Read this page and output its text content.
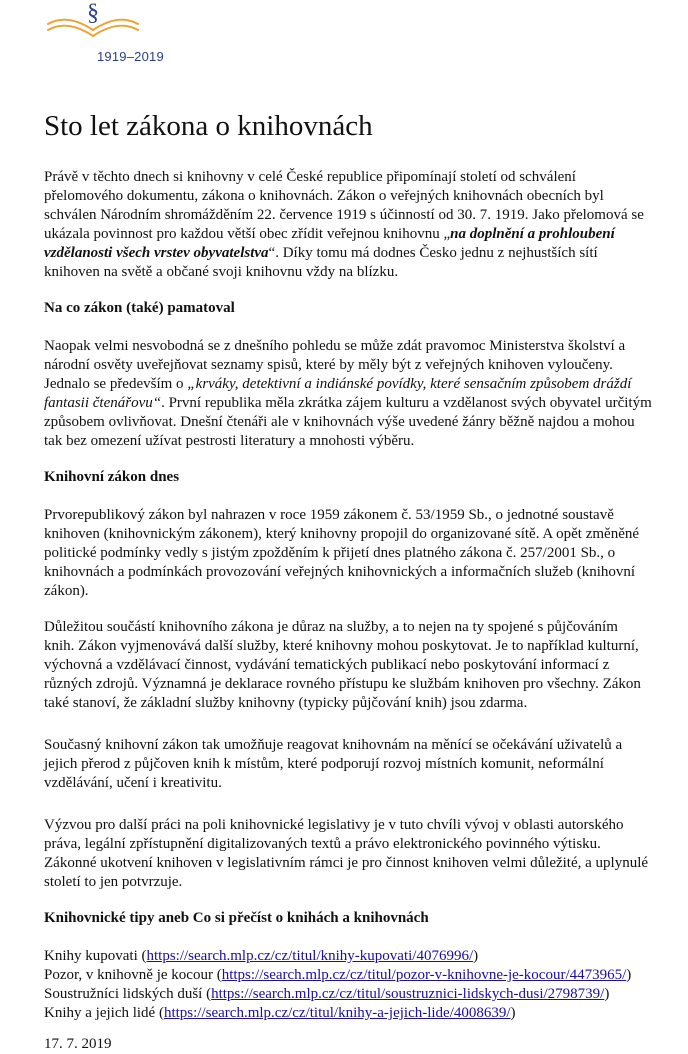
§
1919–2019
Sto let zákona o knihovnách

Právě v těchto dnech si knihovny v celé České republice připomínají století od schválení přelomového dokumentu, zákona o knihovnách. Zákon o veřejných knihovnách obecních byl schválen Národním shromážděním 22. července 1919 s účinností od 30. 7. 1919. Jako přelomová se ukázala povinnost pro každou větší obec zřídit veřejnou knihovnu „na doplnění a prohloubení vzdělanosti všech vrstev obyvatelstva“. Díky tomu má dodnes Česko jednu z nejhustších sítí knihoven na světě a občané svoji knihovnu vždy na blízku.

Na co zákon (také) pamatoval

Naopak velmi nesvobodná se z dnešního pohledu se může zdát pravomoc Ministerstva školství a národní osvěty uveřejňovat seznamy spisů, které by měly být z veřejných knihoven vyloučeny. Jednalo se především o „krváky, detektivní a indiánské povídky, které sensačním způsobem dráždí fantasii čtenářovu“. První republika měla zkrátka zájem kulturu a vzdělanost svých obyvatel určitým způsobem ovlivňovat. Dnešní čtenáři ale v knihovnách výše uvedené žánry běžně najdou a mohou tak bez omezení užívat pestrosti literatury a mnohosti výběru.

Knihovní zákon dnes

Prvorepublikový zákon byl nahrazen v roce 1959 zákonem č. 53/1959 Sb., o jednotné soustavě knihoven (knihovnickým zákonem), který knihovny propojil do organizované sítě. A opět změněné politické podmínky vedly s jistým zpožděním k přijetí dnes platného zákona č. 257/2001 Sb., o knihovnách a podmínkách provozování veřejných knihovnických a informačních služeb (knihovní zákon).

Důležitou součástí knihovního zákona je důraz na služby, a to nejen na ty spojené s půjčováním knih. Zákon vyjmenovává další služby, které knihovny mohou poskytovat. Je to například kulturní, výchovná a vzdělávací činnost, vydávání tematických publikací nebo poskytování informací z různých zdrojů. Významná je deklarace rovného přístupu ke službám knihoven pro všechny. Zákon také stanoví, že základní služby knihovny (typicky půjčování knih) jsou zdarma.

Současný knihovní zákon tak umožňuje reagovat knihovnám na měnící se očekávání uživatelů a jejich přerod z půjčoven knih k místům, které podporují rozvoj místních komunit, neformální vzdělávání, učení i kreativitu.

Výzvou pro další práci na poli knihovnické legislativy je v tuto chvíli vývoj v oblasti autorského práva, legální zpřístupnění digitalizovaných textů a právo elektronického povinného výtisku. Zákonné ukotvení knihoven v legislativním rámci je pro činnost knihoven velmi důležité, a uplynulé století to jen potvrzuje.

Knihovnické tipy aneb Co si přečíst o knihách a knihovnách

Knihy kupovati (https://search.mlp.cz/cz/titul/knihy-kupovati/4076996/)
Pozor, v knihovně je kocour (https://search.mlp.cz/cz/titul/pozor-v-knihovne-je-kocour/4473965/)
Soustružníci lidských duší (https://search.mlp.cz/cz/titul/soustruznici-lidskych-dusi/2798739/)
Knihy a jejich lidé (https://search.mlp.cz/cz/titul/knihy-a-jejich-lide/4008639/)

17. 7. 2019
